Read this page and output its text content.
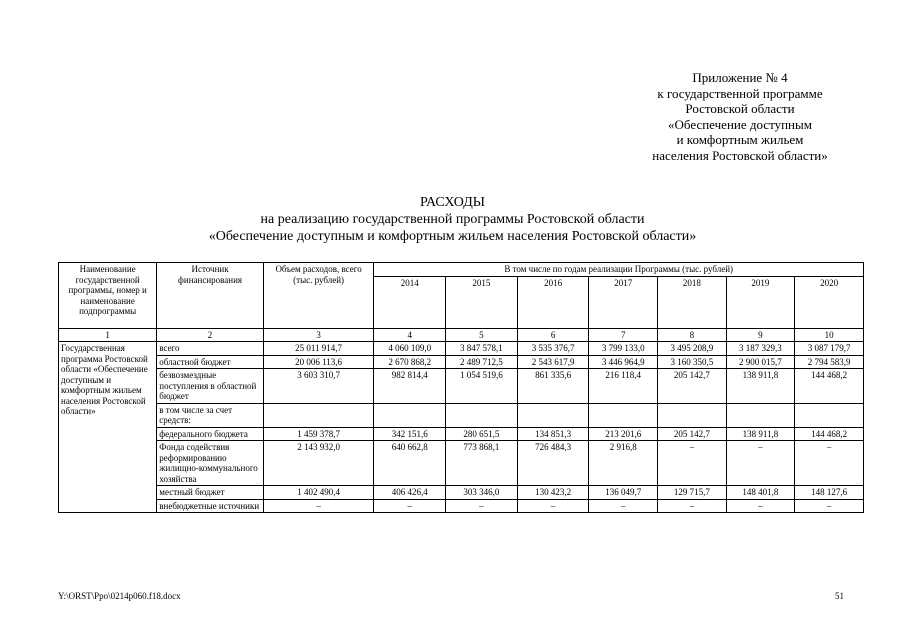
Приложение № 4
к государственной программе
Ростовской области
«Обеспечение доступным
и комфортным жильем
населения Ростовской области»
РАСХОДЫ
на реализацию государственной программы Ростовской области
«Обеспечение доступным и комфортным жильем населения Ростовской области»
Наименование государственной программы, номер и наименование подпрограммы	Источник финансирования	Объем расходов, всего (тыс. рублей)	В том числе по годам реализации Программы (тыс. рублей)						
			2014	2015	2016	2017	2018	2019	2020
1	2	3	4	5	6	7	8	9	10
Государственная программа Ростовской области «Обеспечение доступным и комфортным жильем населения Ростовской области»	всего	25 011 914,7	4 060 109,0	3 847 578,1	3 535 376,7	3 799 133,0	3 495 208,9	3 187 329,3	3 087 179,7
	областной бюджет	20 006 113,6	2 670 868,2	2 489 712,5	2 543 617,9	3 446 964,9	3 160 350,5	2 900 015,7	2 794 583,9
	безвозмездные поступления в областной бюджет	3 603 310,7	982 814,4	1 054 519,6	861 335,6	216 118,4	205 142,7	138 911,8	144 468,2
	в том числе за счет средств:								
	федерального бюджета	1 459 378,7	342 151,6	280 651,5	134 851,3	213 201,6	205 142,7	138 911,8	144 468,2
	Фонда содействия реформированию жилищно-коммунального хозяйства	2 143 932,0	640 662,8	773 868,1	726 484,3	2 916,8	–	–	–
	местный бюджет	1 402 490,4	406 426,4	303 346,0	130 423,2	136 049,7	129 715,7	148 401,8	148 127,6
	внебюджетные источники	–	–	–	–	–	–	–	–
Y:\ORST\Ppo\0214p060.f18.docx	51
